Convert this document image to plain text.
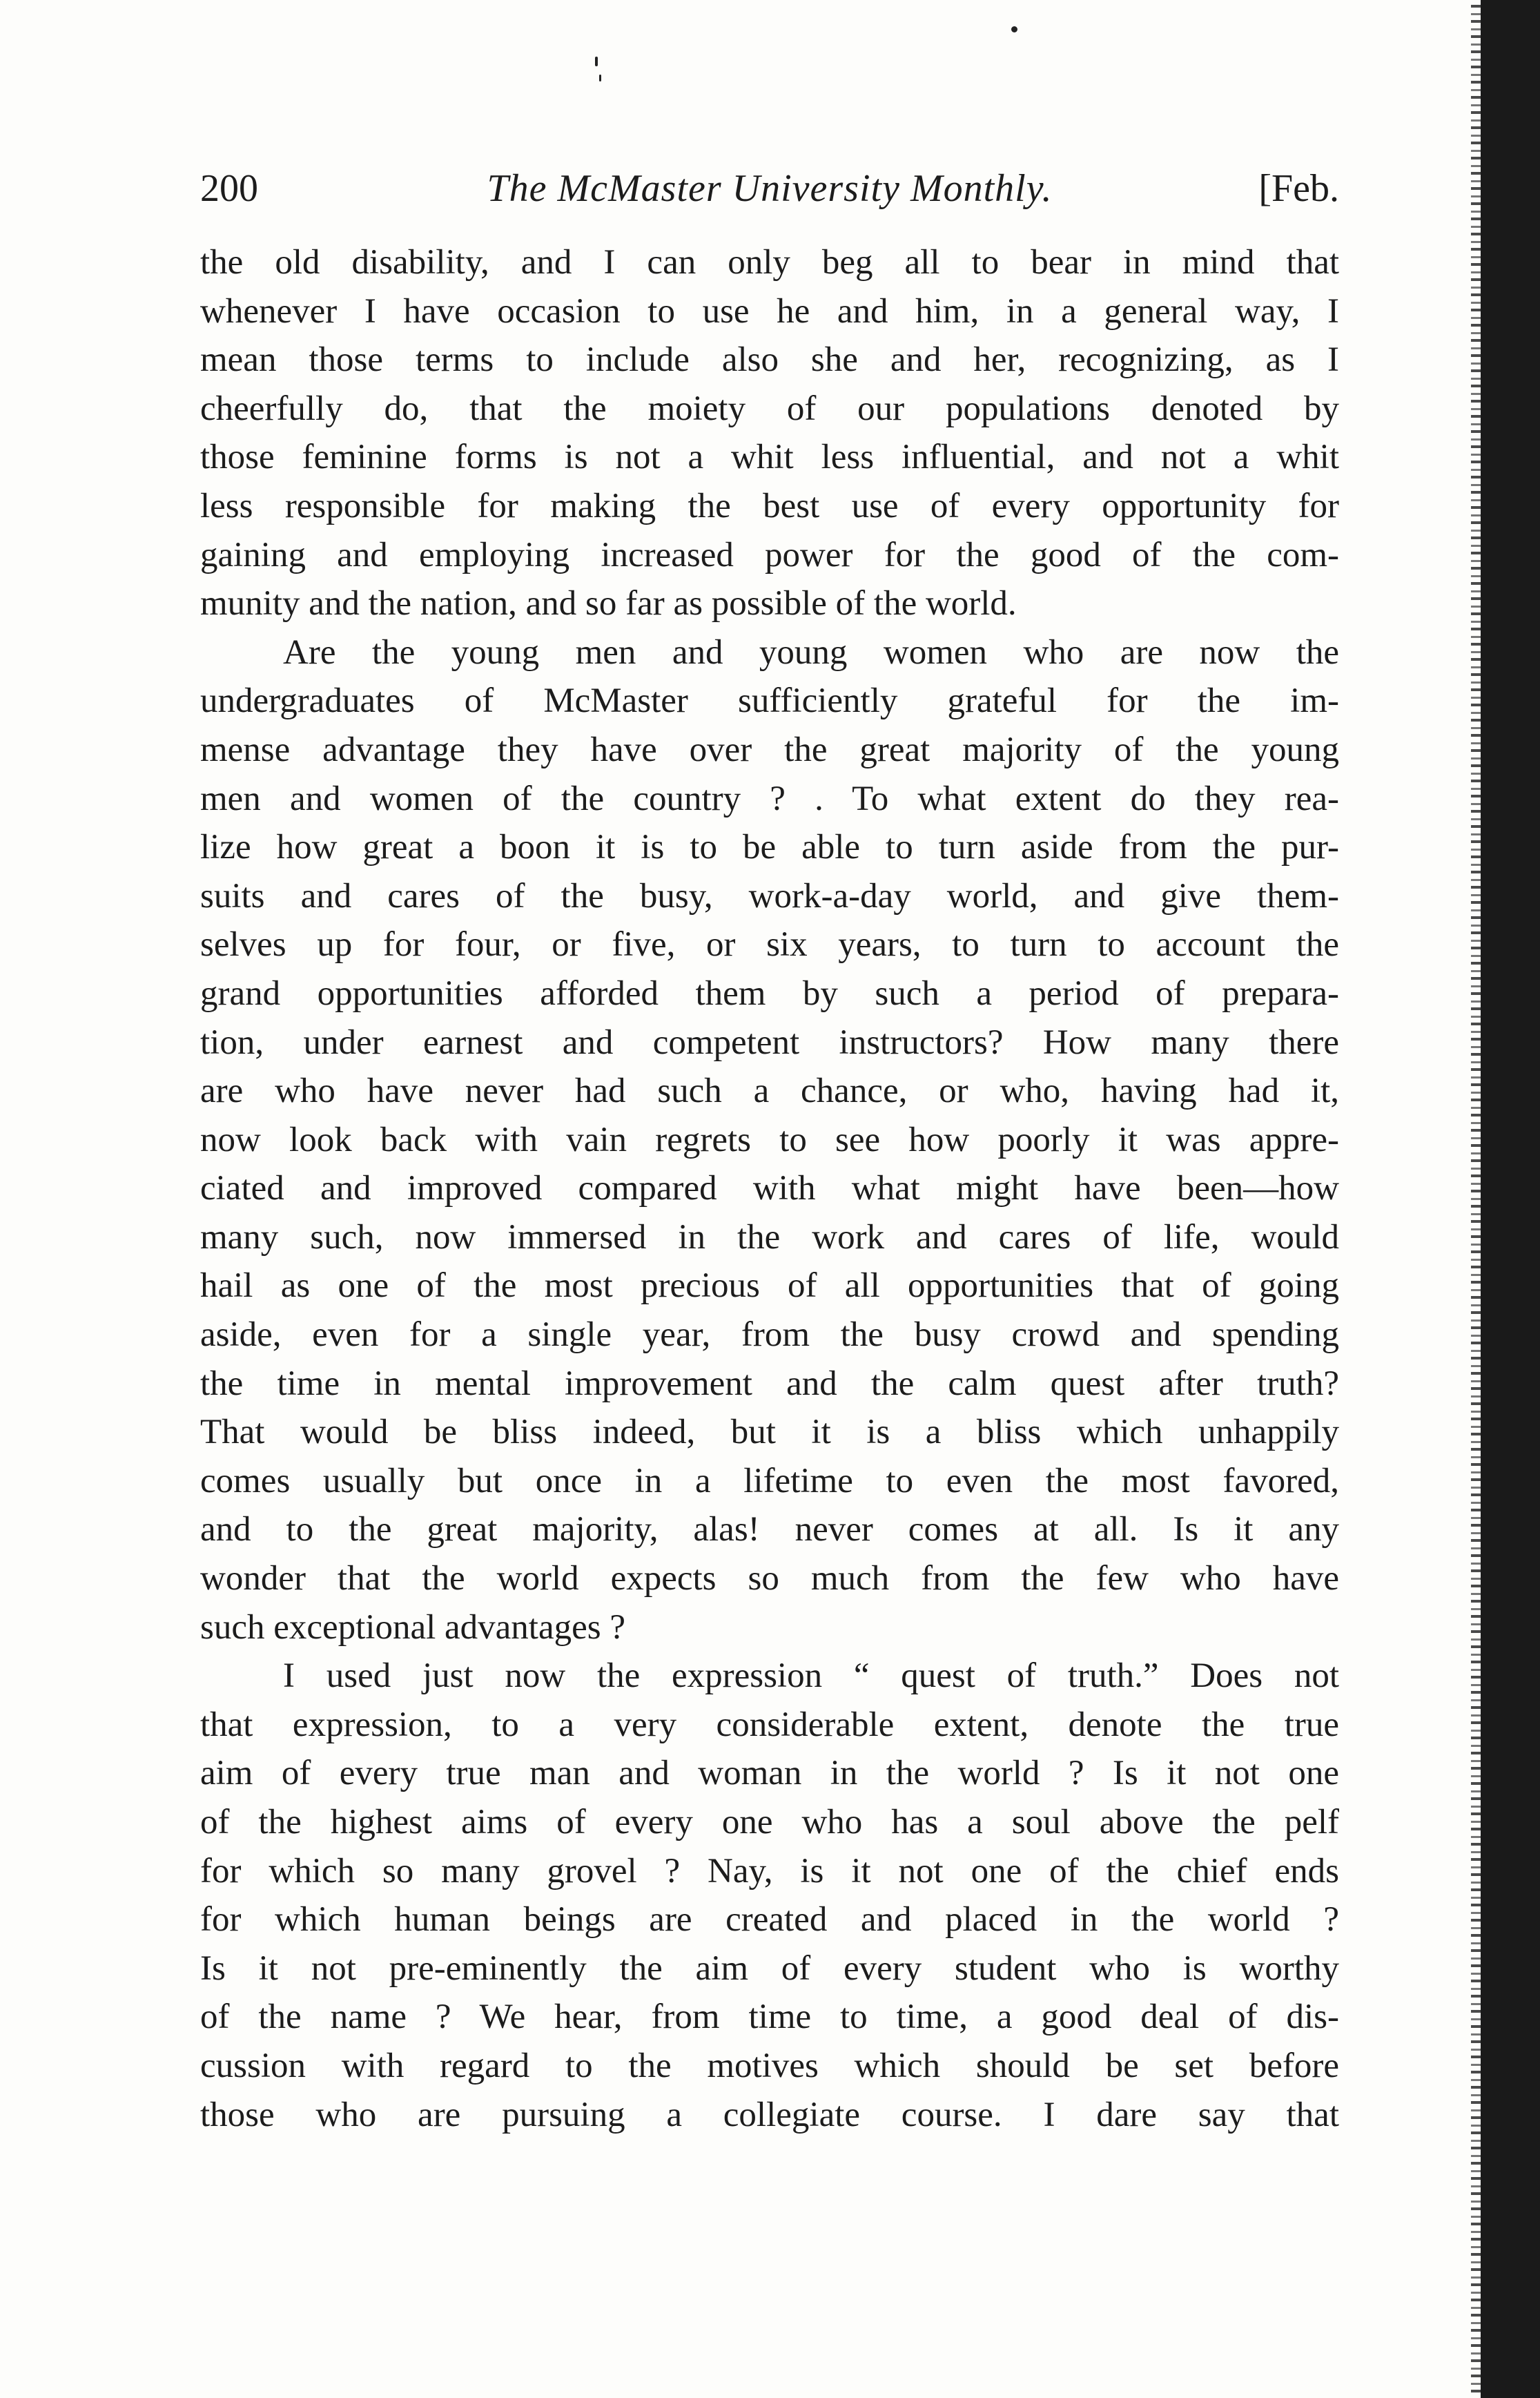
200	The McMaster University Monthly.	[Feb.
the old disability, and I can only beg all to bear in mind that
whenever I have occasion to use he and him, in a general way, I
mean those terms to include also she and her, recognizing, as I
cheerfully do, that the moiety of our populations denoted by
those feminine forms is not a whit less influential, and not a whit
less responsible for making the best use of every opportunity for
gaining and employing increased power for the good of the com-
munity and the nation, and so far as possible of the world.
Are the young men and young women who are now the
undergraduates of McMaster sufficiently grateful for the im-
mense advantage they have over the great majority of the young
men and women of the country ? . To what extent do they rea-
lize how great a boon it is to be able to turn aside from the pur-
suits and cares of the busy, work-a-day world, and give them-
selves up for four, or five, or six years, to turn to account the
grand opportunities afforded them by such a period of prepara-
tion, under earnest and competent instructors? How many there
are who have never had such a chance, or who, having had it,
now look back with vain regrets to see how poorly it was appre-
ciated and improved compared with what might have been—how
many such, now immersed in the work and cares of life, would
hail as one of the most precious of all opportunities that of going
aside, even for a single year, from the busy crowd and spending
the time in mental improvement and the calm quest after truth?
That would be bliss indeed, but it is a bliss which unhappily
comes usually but once in a lifetime to even the most favored,
and to the great majority, alas! never comes at all. Is it any
wonder that the world expects so much from the few who have
such exceptional advantages ?
I used just now the expression “ quest of truth.” Does not
that expression, to a very considerable extent, denote the true
aim of every true man and woman in the world ? Is it not one
of the highest aims of every one who has a soul above the pelf
for which so many grovel ? Nay, is it not one of the chief ends
for which human beings are created and placed in the world ?
Is it not pre-eminently the aim of every student who is worthy
of the name ? We hear, from time to time, a good deal of dis-
cussion with regard to the motives which should be set before
those who are pursuing a collegiate course. I dare say that
